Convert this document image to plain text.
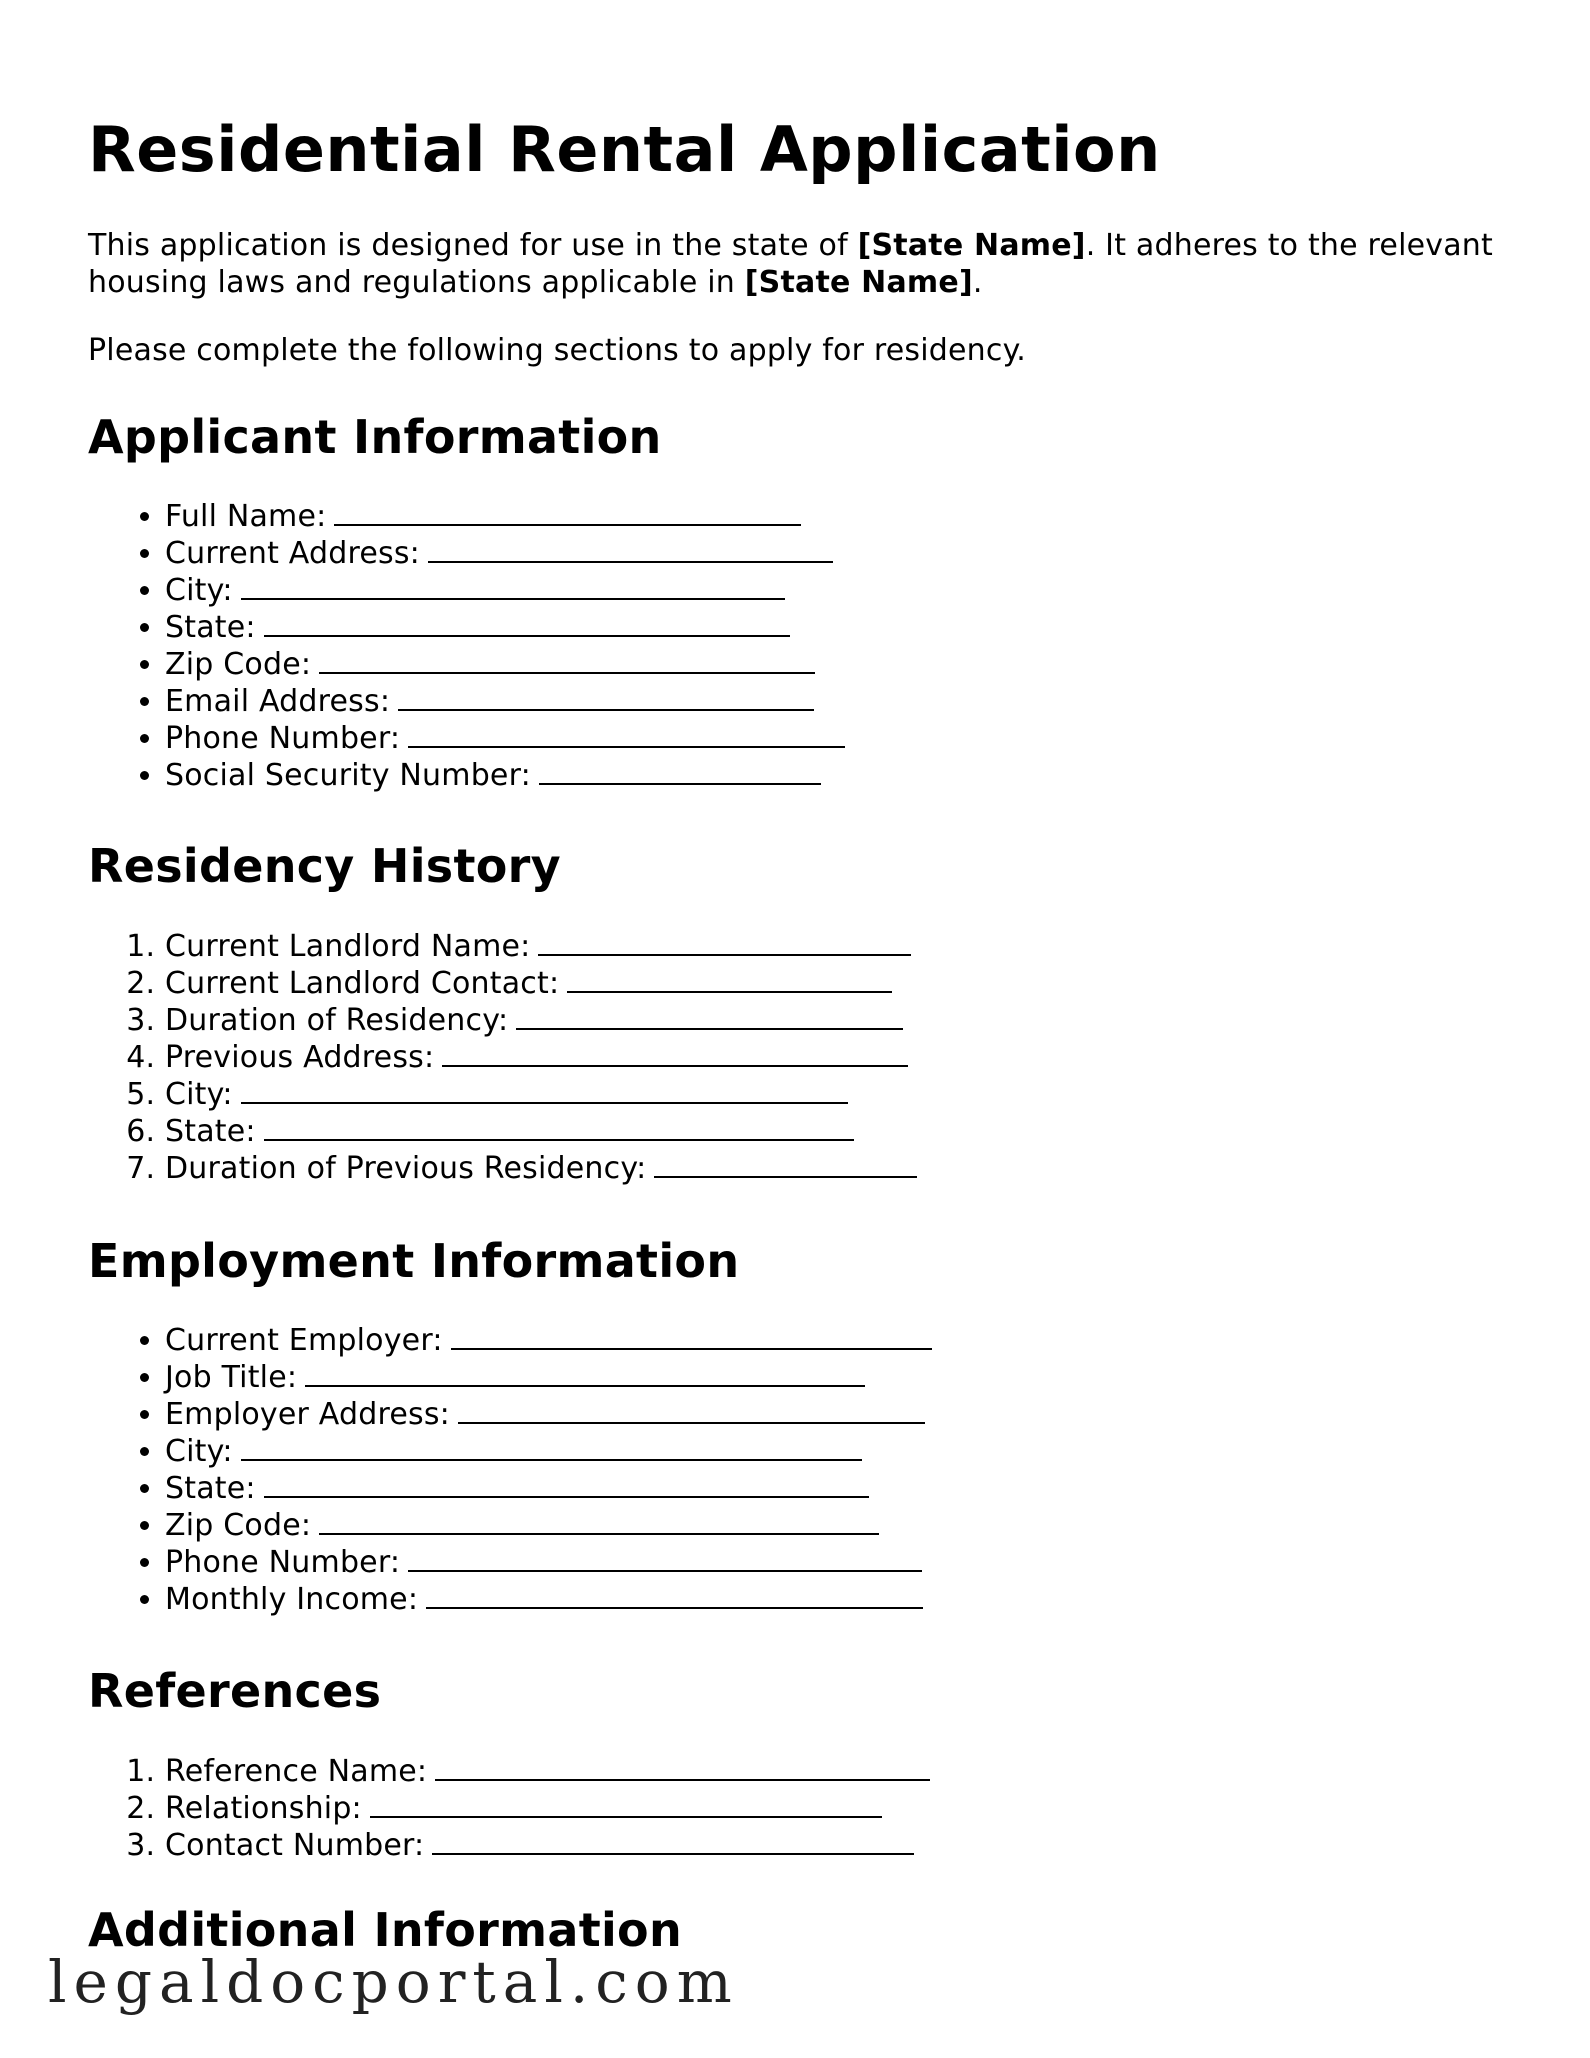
Residential Rental Application

This application is designed for use in the state of [State Name]. It adheres to the relevant housing laws and regulations applicable in [State Name].

Please complete the following sections to apply for residency.

Applicant Information
• Full Name:
• Current Address:
• City:
• State:
• Zip Code:
• Email Address:
• Phone Number:
• Social Security Number:
Residency History
1. Current Landlord Name:
2. Current Landlord Contact:
3. Duration of Residency:
4. Previous Address:
5. City:
6. State:
7. Duration of Previous Residency:
Employment Information
• Current Employer:
• Job Title:
• Employer Address:
• City:
• State:
• Zip Code:
• Phone Number:
• Monthly Income:
References
1. Reference Name:
2. Relationship:
3. Contact Number:
Additional Information
legaldocportal.com
